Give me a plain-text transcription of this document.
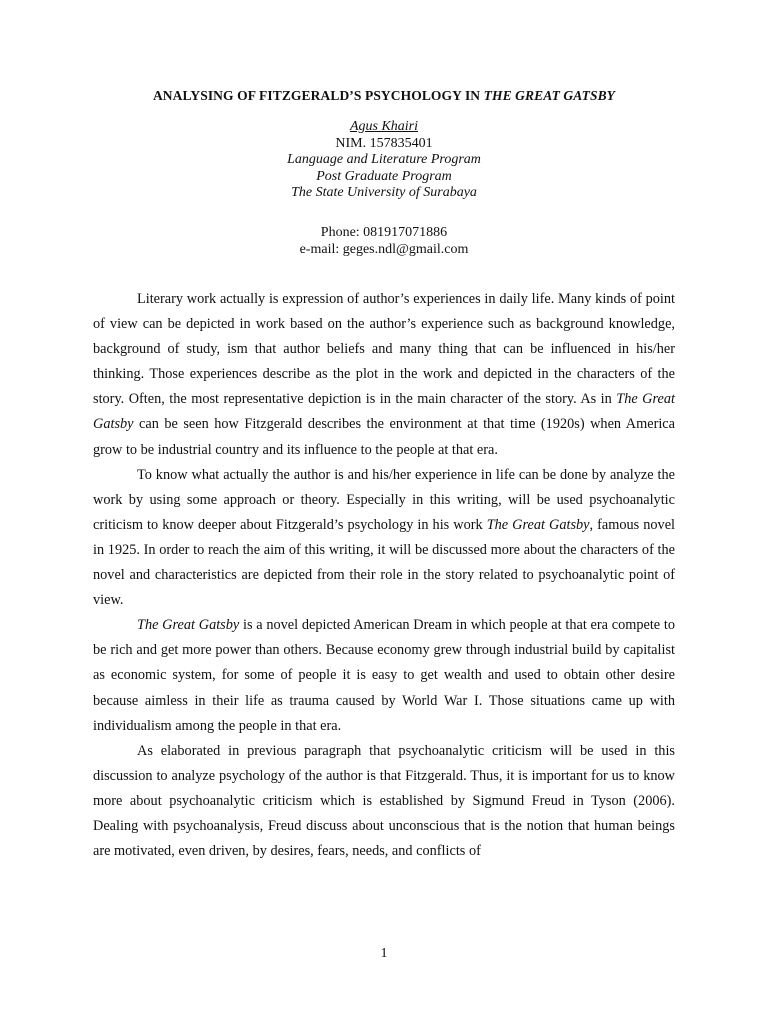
ANALYSING OF FITZGERALD’S PSYCHOLOGY IN THE GREAT GATSBY
Agus Khairi
NIM. 157835401
Language and Literature Program
Post Graduate Program
The State University of Surabaya
Phone: 081917071886
e-mail: geges.ndl@gmail.com

Literary work actually is expression of author’s experiences in daily life. Many kinds of point of view can be depicted in work based on the author’s experience such as background knowledge, background of study, ism that author beliefs and many thing that can be influenced in his/her thinking. Those experiences describe as the plot in the work and depicted in the characters of the story. Often, the most representative depiction is in the main character of the story. As in The Great Gatsby can be seen how Fitzgerald describes the environment at that time (1920s) when America grow to be industrial country and its influence to the people at that era.

To know what actually the author is and his/her experience in life can be done by analyze the work by using some approach or theory. Especially in this writing, will be used psychoanalytic criticism to know deeper about Fitzgerald’s psychology in his work The Great Gatsby, famous novel in 1925. In order to reach the aim of this writing, it will be discussed more about the characters of the novel and characteristics are depicted from their role in the story related to psychoanalytic point of view.

The Great Gatsby is a novel depicted American Dream in which people at that era compete to be rich and get more power than others. Because economy grew through industrial build by capitalist as economic system, for some of people it is easy to get wealth and used to obtain other desire because aimless in their life as trauma caused by World War I. Those situations came up with individualism among the people in that era.

As elaborated in previous paragraph that psychoanalytic criticism will be used in this discussion to analyze psychology of the author is that Fitzgerald. Thus, it is important for us to know more about psychoanalytic criticism which is established by Sigmund Freud in Tyson (2006). Dealing with psychoanalysis, Freud discuss about unconscious that is the notion that human beings are motivated, even driven, by desires, fears, needs, and conflicts of

1
